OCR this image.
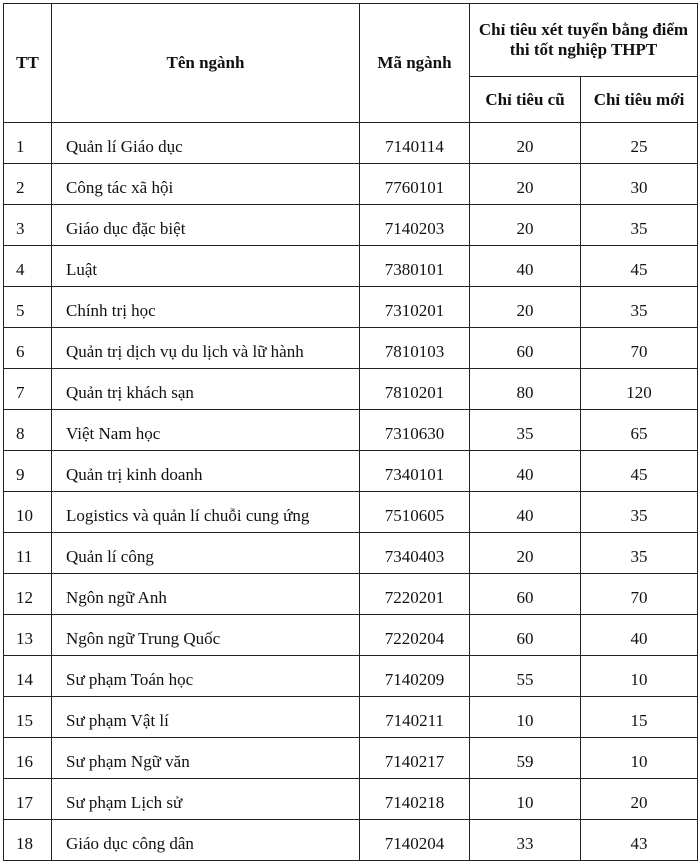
TT	Tên ngành	Mã ngành	Chỉ tiêu xét tuyển bằng điểm thi tốt nghiệp THPT	
			Chỉ tiêu cũ	Chỉ tiêu mới
1	Quản lí Giáo dục	7140114	20	25
2	Công tác xã hội	7760101	20	30
3	Giáo dục đặc biệt	7140203	20	35
4	Luật	7380101	40	45
5	Chính trị học	7310201	20	35
6	Quản trị dịch vụ du lịch và lữ hành	7810103	60	70
7	Quản trị khách sạn	7810201	80	120
8	Việt Nam học	7310630	35	65
9	Quản trị kinh doanh	7340101	40	45
10	Logistics và quản lí chuỗi cung ứng	7510605	40	35
11	Quản lí công	7340403	20	35
12	Ngôn ngữ Anh	7220201	60	70
13	Ngôn ngữ Trung Quốc	7220204	60	40
14	Sư phạm Toán học	7140209	55	10
15	Sư phạm Vật lí	7140211	10	15
16	Sư phạm Ngữ văn	7140217	59	10
17	Sư phạm Lịch sử	7140218	10	20
18	Giáo dục công dân	7140204	33	43
